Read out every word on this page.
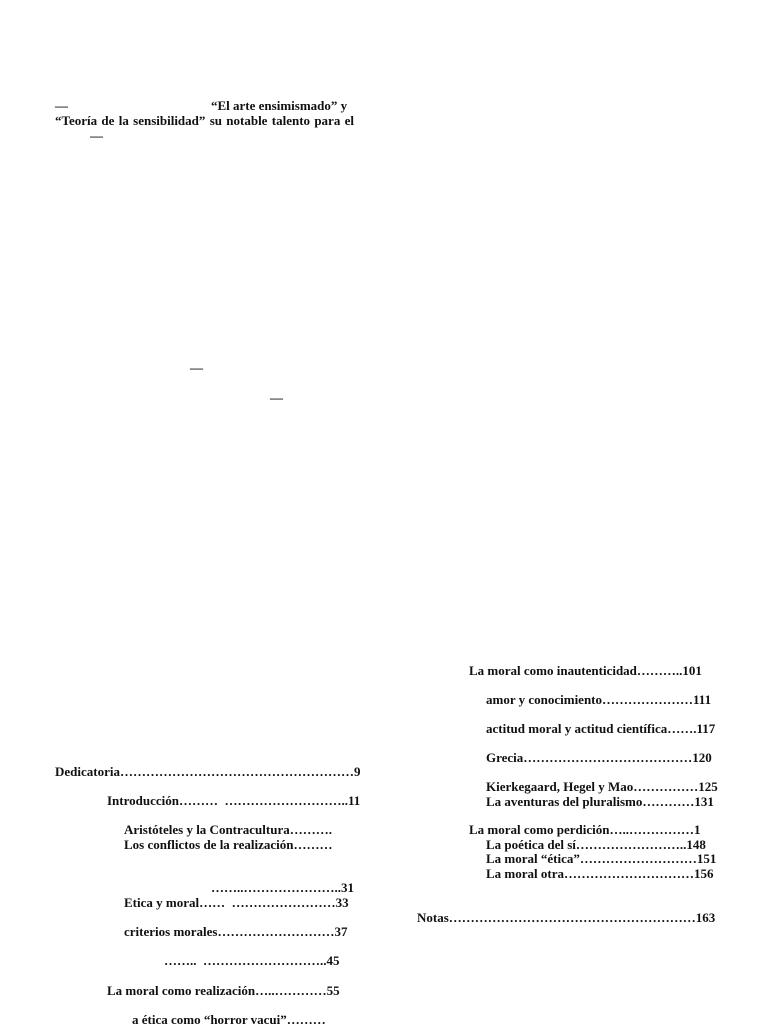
—	“El arte ensimismado” y
“Teoría de la sensibilidad” su notable talento para el
—
—
—
Dedicatoria………………………………………………9
Introducción………  ………………………..11
Aristóteles y la Contracultura……….
Los conflictos de la realización………
……..…………………..31
Etica y moral……  ……………………33
criterios morales………………………37
……..  ………………………..45
La moral como realización…..…………55
a ética como “horror vacui”………
La moral como inautenticidad………..101
amor y conocimiento…………………111
actitud moral y actitud científica…….117
Grecia…………………………………120
Kierkegaard, Hegel y Mao……………125
La aventuras del pluralismo…………131
La moral como perdición…..……………1
La poética del sí……………………..148
La moral “ética”………………………151
La moral otra…………………………156
Notas…………………………………………………163
